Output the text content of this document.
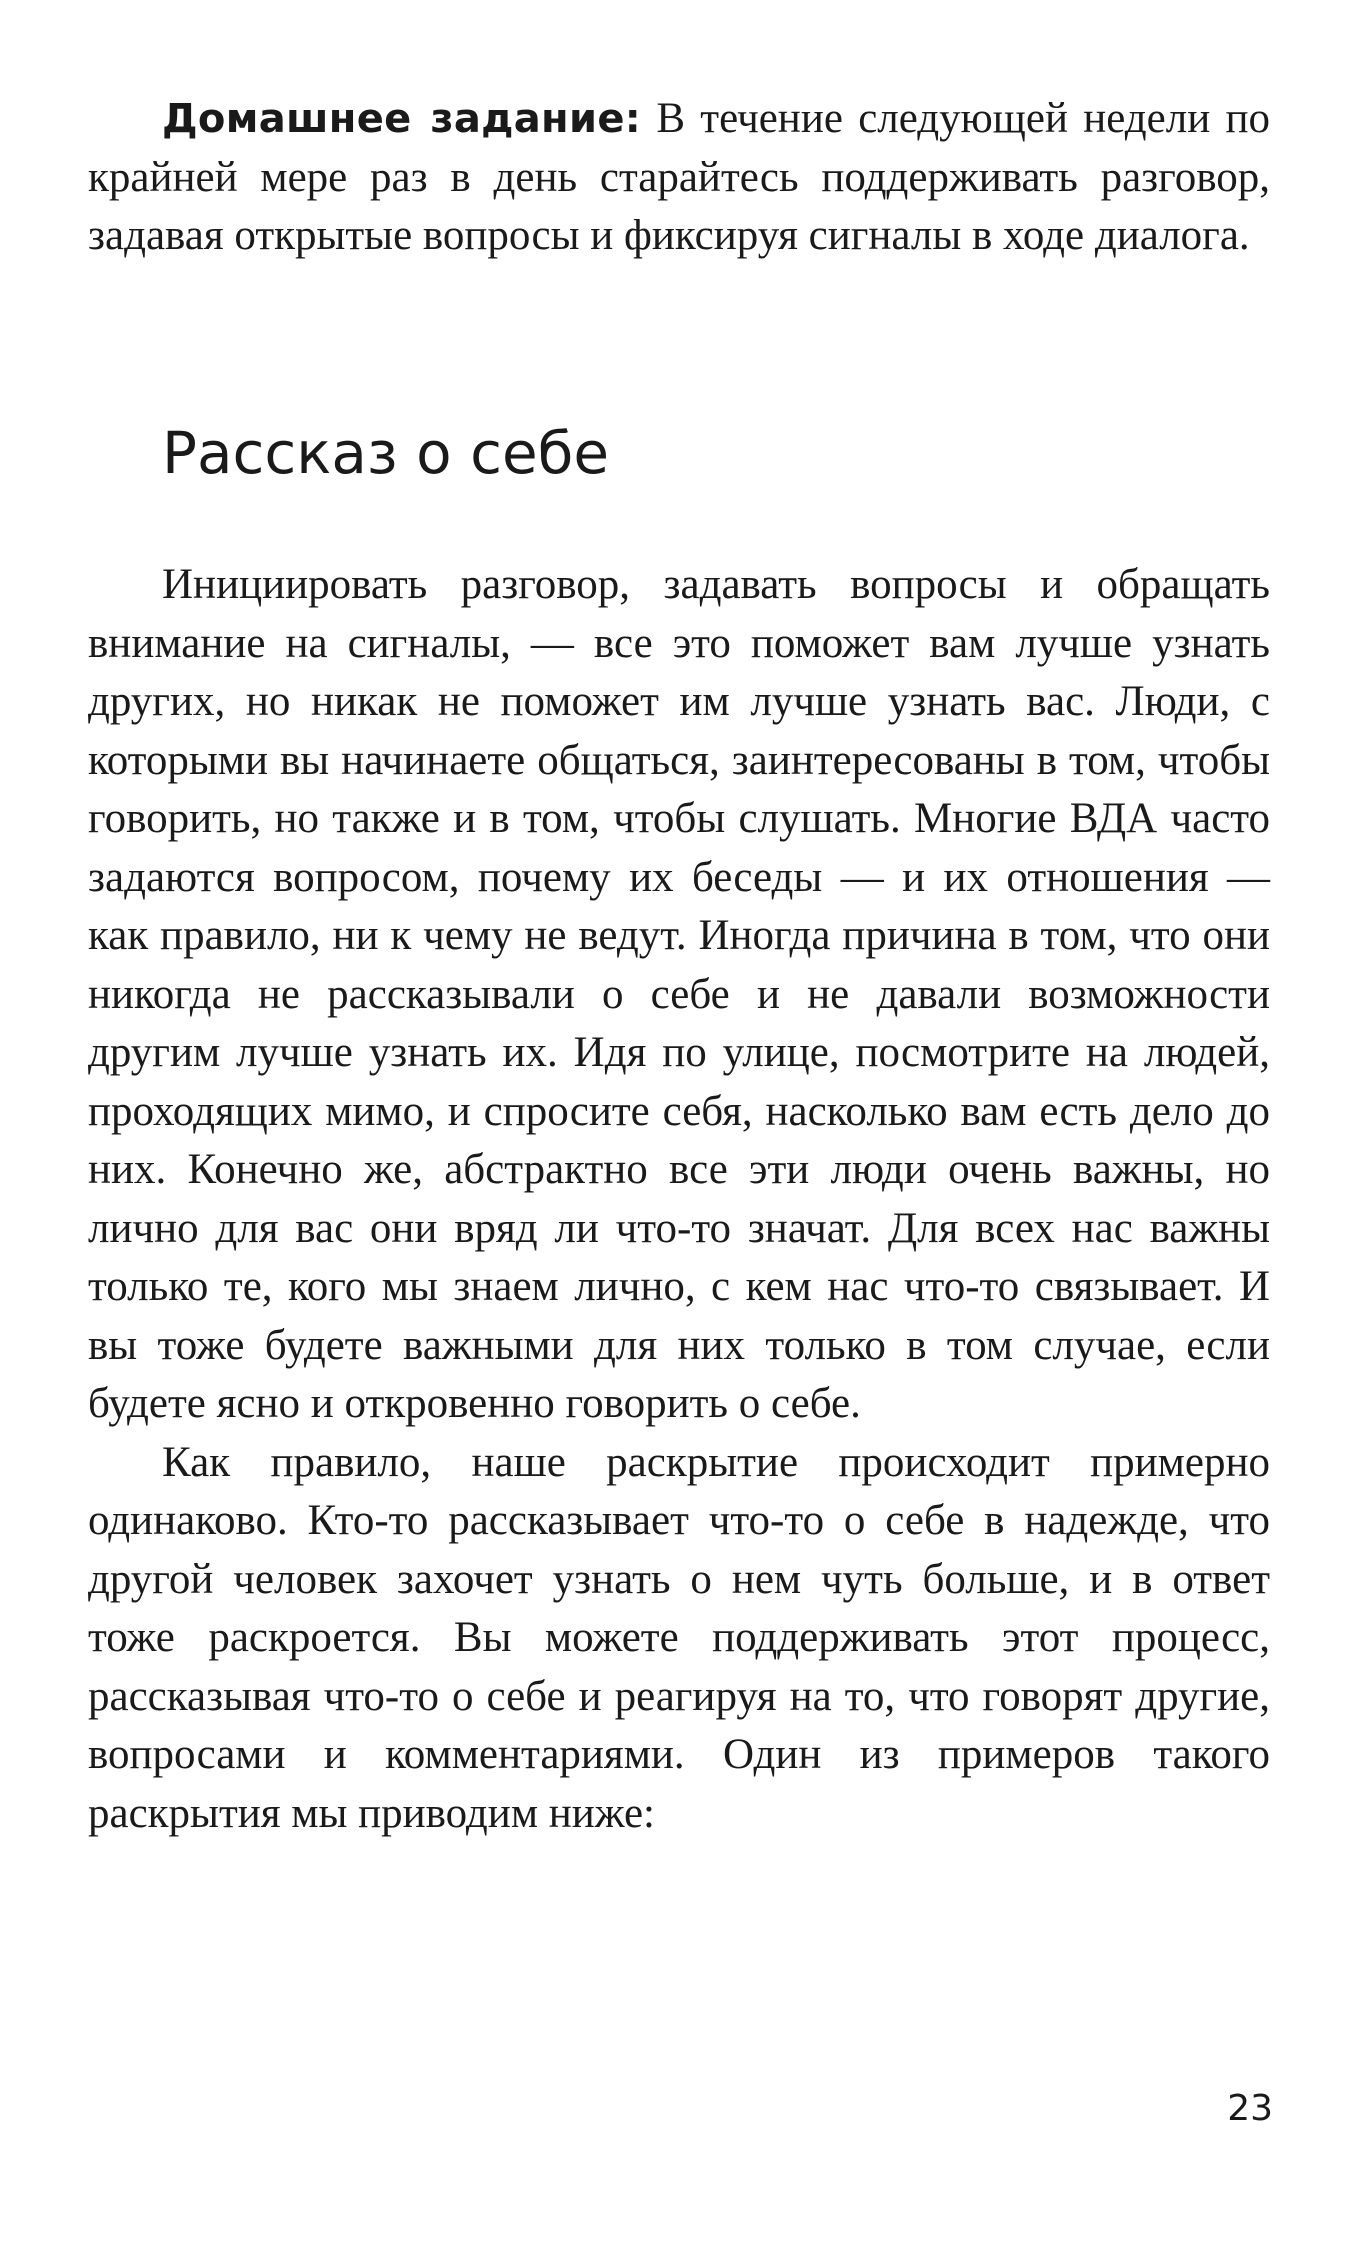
Домашнее задание: В течение следующей недели по крайней мере раз в день старайтесь поддерживать разговор, задавая открытые вопросы и фиксируя сигналы в ходе диалога.

Рассказ о себе

Инициировать разговор, задавать вопросы и обращать внимание на сигналы, — все это поможет вам лучше узнать других, но никак не поможет им лучше узнать вас. Люди, с которыми вы начинаете общаться, заинтересованы в том, чтобы говорить, но также и в том, чтобы слушать. Многие ВДА часто задаются вопросом, почему их беседы — и их отношения — как правило, ни к чему не ведут. Иногда причина в том, что они никогда не рассказывали о себе и не давали возможности другим лучше узнать их. Идя по улице, посмотрите на людей, проходящих мимо, и спросите себя, насколько вам есть дело до них. Конечно же, абстрактно все эти люди очень важны, но лично для вас они вряд ли что-то значат. Для всех нас важны только те, кого мы знаем лично, с кем нас что-то связывает. И вы тоже будете важными для них только в том случае, если будете ясно и откровенно говорить о себе.

Как правило, наше раскрытие происходит примерно одинаково. Кто-то рассказывает что-то о себе в надежде, что другой человек захочет узнать о нем чуть больше, и в ответ тоже раскроется. Вы можете поддерживать этот процесс, рассказывая что-то о себе и реагируя на то, что говорят другие, вопросами и комментариями. Один из примеров такого раскрытия мы приводим ниже:

23
